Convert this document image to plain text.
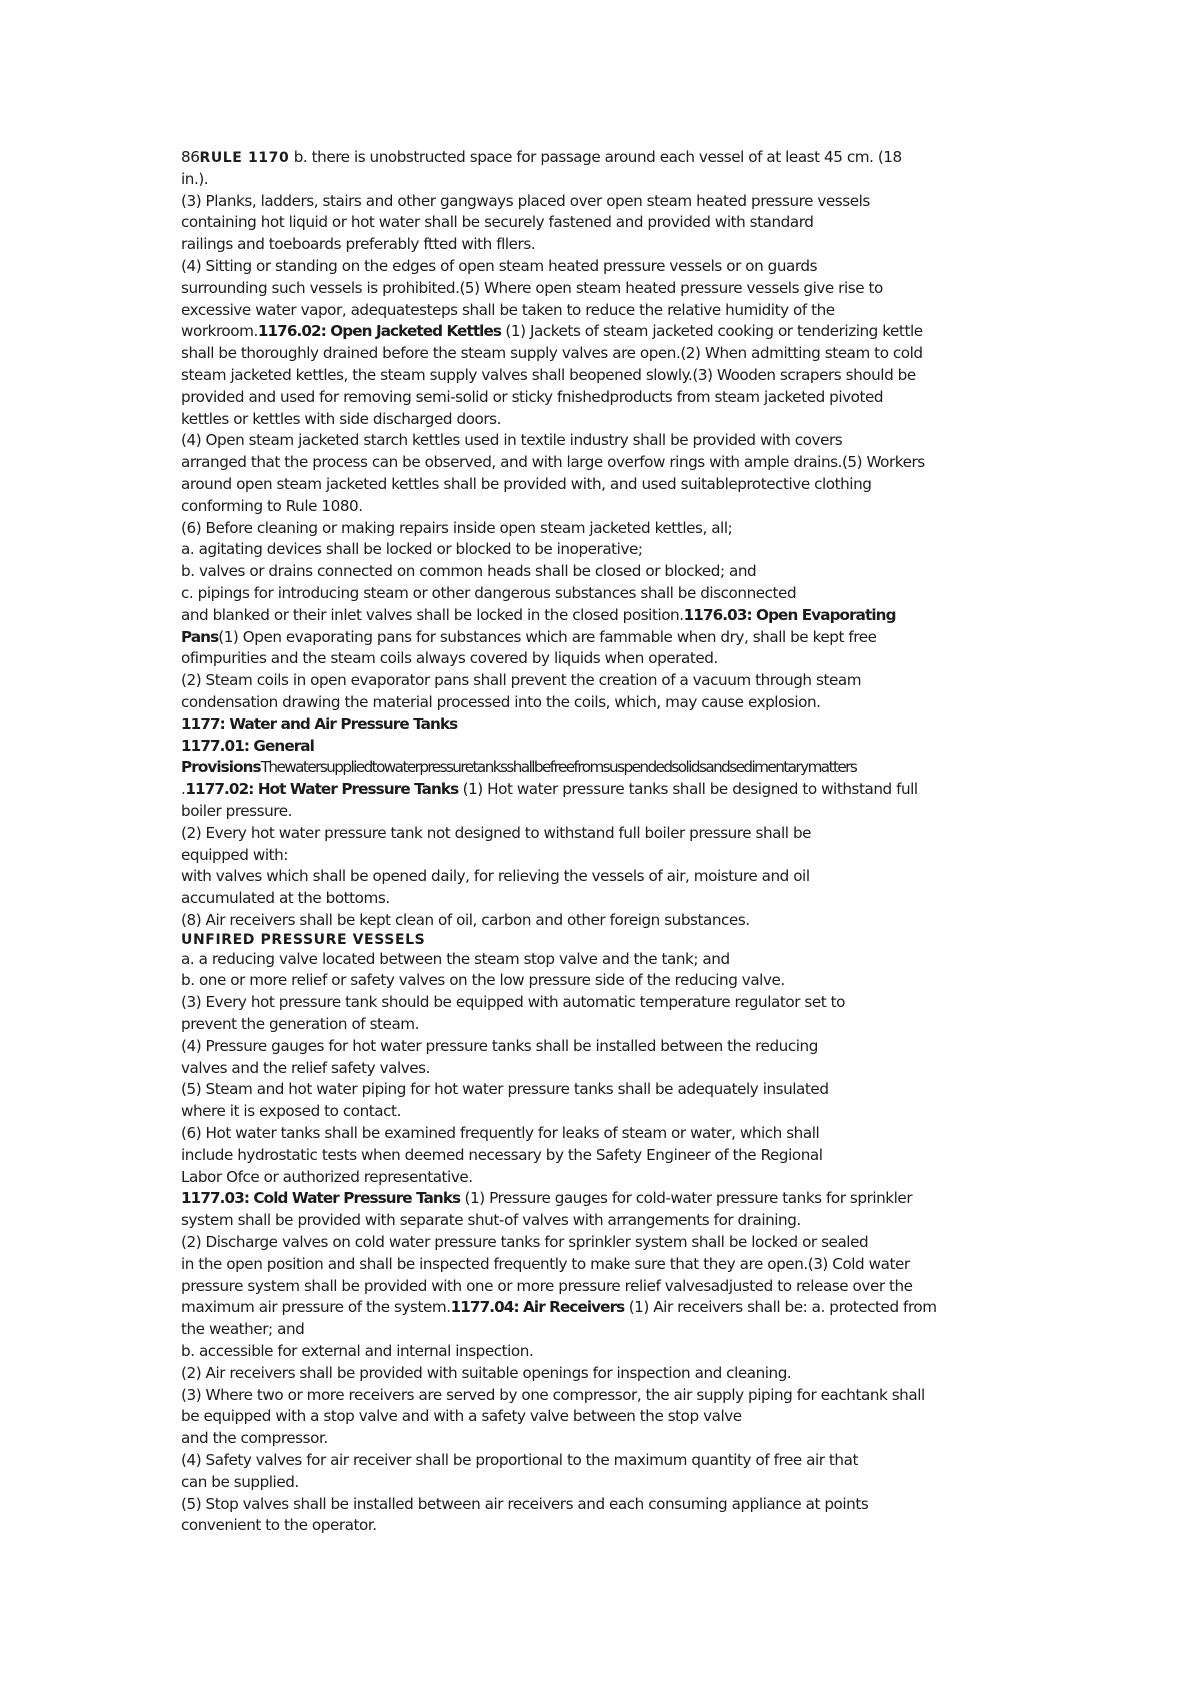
86RULE 1170 b. there is unobstructed space for passage around each vessel of at least 45 cm. (18
in.).
(3) Planks, ladders, stairs and other gangways placed over open steam heated pressure vessels
containing hot liquid or hot water shall be securely fastened and provided with standard
railings and toeboards preferably ftted with fllers.
(4) Sitting or standing on the edges of open steam heated pressure vessels or on guards
surrounding such vessels is prohibited.(5) Where open steam heated pressure vessels give rise to
excessive water vapor, adequatesteps shall be taken to reduce the relative humidity of the
workroom.1176.02: Open Jacketed Kettles (1) Jackets of steam jacketed cooking or tenderizing kettle
shall be thoroughly drained before the steam supply valves are open.(2) When admitting steam to cold
steam jacketed kettles, the steam supply valves shall beopened slowly.(3) Wooden scrapers should be
provided and used for removing semi-solid or sticky fnishedproducts from steam jacketed pivoted
kettles or kettles with side discharged doors.
(4) Open steam jacketed starch kettles used in textile industry shall be provided with covers
arranged that the process can be observed, and with large overfow rings with ample drains.(5) Workers
around open steam jacketed kettles shall be provided with, and used suitableprotective clothing
conforming to Rule 1080.
(6) Before cleaning or making repairs inside open steam jacketed kettles, all;
a. agitating devices shall be locked or blocked to be inoperative;
b. valves or drains connected on common heads shall be closed or blocked; and
c. pipings for introducing steam or other dangerous substances shall be disconnected
and blanked or their inlet valves shall be locked in the closed position.1176.03: Open Evaporating
Pans(1) Open evaporating pans for substances which are fammable when dry, shall be kept free
ofimpurities and the steam coils always covered by liquids when operated.
(2) Steam coils in open evaporator pans shall prevent the creation of a vacuum through steam
condensation drawing the material processed into the coils, which, may cause explosion.
1177: Water and Air Pressure Tanks
1177.01: General
ProvisionsThewatersuppliedtowaterpressuretanksshallbefreefromsuspendedsolidsandsedimentarymatters
.1177.02: Hot Water Pressure Tanks (1) Hot water pressure tanks shall be designed to withstand full
boiler pressure.
(2) Every hot water pressure tank not designed to withstand full boiler pressure shall be
equipped with:
with valves which shall be opened daily, for relieving the vessels of air, moisture and oil
accumulated at the bottoms.
(8) Air receivers shall be kept clean of oil, carbon and other foreign substances.
UNFIRED PRESSURE VESSELS
a. a reducing valve located between the steam stop valve and the tank; and
b. one or more relief or safety valves on the low pressure side of the reducing valve.
(3) Every hot pressure tank should be equipped with automatic temperature regulator set to
prevent the generation of steam.
(4) Pressure gauges for hot water pressure tanks shall be installed between the reducing
valves and the relief safety valves.
(5) Steam and hot water piping for hot water pressure tanks shall be adequately insulated
where it is exposed to contact.
(6) Hot water tanks shall be examined frequently for leaks of steam or water, which shall
include hydrostatic tests when deemed necessary by the Safety Engineer of the Regional
Labor Ofce or authorized representative.
1177.03: Cold Water Pressure Tanks (1) Pressure gauges for cold-water pressure tanks for sprinkler
system shall be provided with separate shut-of valves with arrangements for draining.
(2) Discharge valves on cold water pressure tanks for sprinkler system shall be locked or sealed
in the open position and shall be inspected frequently to make sure that they are open.(3) Cold water
pressure system shall be provided with one or more pressure relief valvesadjusted to release over the
maximum air pressure of the system.1177.04: Air Receivers (1) Air receivers shall be: a. protected from
the weather; and
b. accessible for external and internal inspection.
(2) Air receivers shall be provided with suitable openings for inspection and cleaning.
(3) Where two or more receivers are served by one compressor, the air supply piping for eachtank shall
be equipped with a stop valve and with a safety valve between the stop valve
and the compressor.
(4) Safety valves for air receiver shall be proportional to the maximum quantity of free air that
can be supplied.
(5) Stop valves shall be installed between air receivers and each consuming appliance at points
convenient to the operator.
